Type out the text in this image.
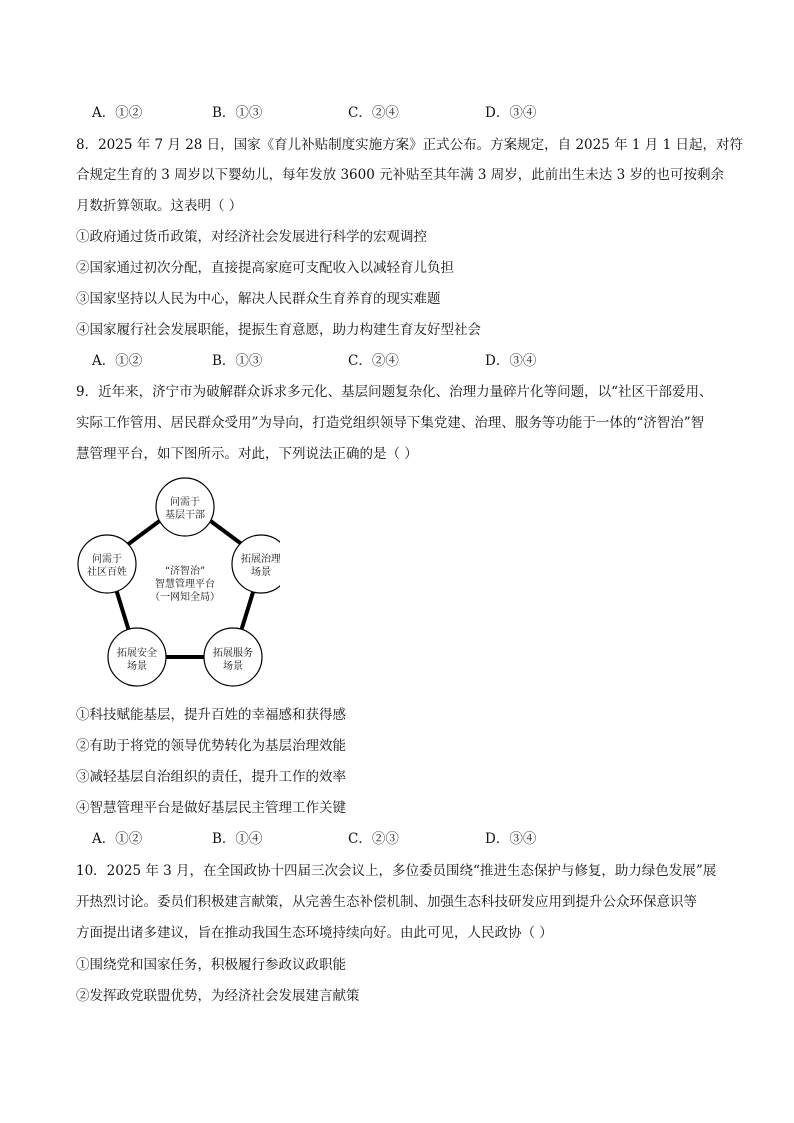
A．①②	B．①③	C．②④	D．③④
8．2025 年 7 月 28 日，国家《育儿补贴制度实施方案》正式公布。方案规定，自 2025 年 1 月 1 日起，对符
合规定生育的 3 周岁以下婴幼儿，每年发放 3600 元补贴至其年满 3 周岁，此前出生未达 3 岁的也可按剩余
月数折算领取。这表明（ ）
①政府通过货币政策，对经济社会发展进行科学的宏观调控
②国家通过初次分配，直接提高家庭可支配收入以减轻育儿负担
③国家坚持以人民为中心，解决人民群众生育养育的现实难题
④国家履行社会发展职能，提振生育意愿，助力构建生育友好型社会
A．①②	B．①③	C．②④	D．③④
9．近年来，济宁市为破解群众诉求多元化、基层问题复杂化、治理力量碎片化等问题，以“社区干部爱用、
实际工作管用、居民群众受用”为导向，打造党组织领导下集党建、治理、服务等功能于一体的“济智治”智
慧管理平台，如下图所示。对此，下列说法正确的是（ ）
问需于
基层干部
拓展治理
场景
拓展服务
场景
拓展安全
场景
问需于
社区百姓	“济智治”
智慧管理平台
（一网知全局）
①科技赋能基层，提升百姓的幸福感和获得感
②有助于将党的领导优势转化为基层治理效能
③减轻基层自治组织的责任，提升工作的效率
④智慧管理平台是做好基层民主管理工作关键
A．①②	B．①④	C．②③	D．③④
10．2025 年 3 月，在全国政协十四届三次会议上，多位委员围绕“推进生态保护与修复，助力绿色发展”展
开热烈讨论。委员们积极建言献策，从完善生态补偿机制、加强生态科技研发应用到提升公众环保意识等
方面提出诸多建议，旨在推动我国生态环境持续向好。由此可见，人民政协（ ）
①围绕党和国家任务，积极履行参政议政职能
②发挥政党联盟优势，为经济社会发展建言献策
